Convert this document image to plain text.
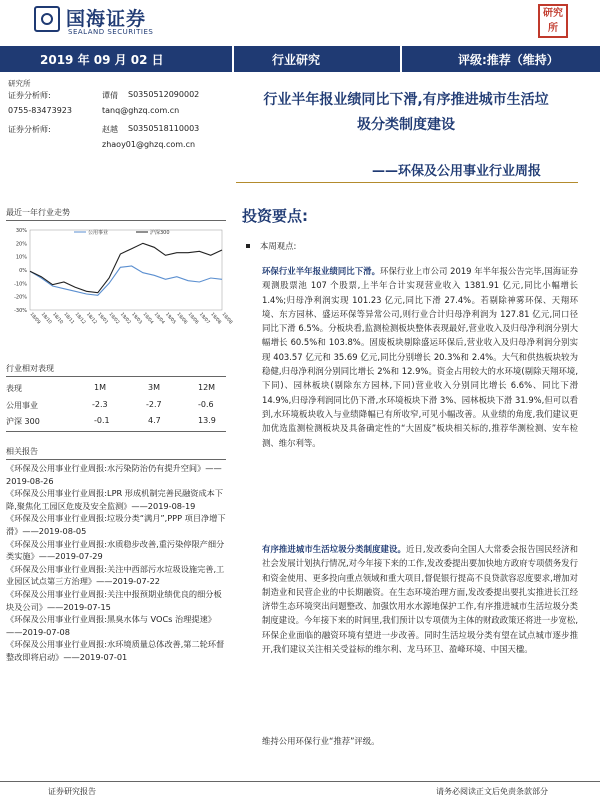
国海证券
SEALAND SECURITIES
研究
所
2019 年 09 月 02 日	行业研究	评级:推荐（维持）
研究所
证券分析师:	谭倩 S0350512090002
0755-83473923	tanq@ghzq.com.cn
证券分析师:	赵越 S0350518110003
zhaoy01@ghzq.com.cn
行业半年报业绩同比下滑,有序推进城市生活垃
圾分类制度建设
——环保及公用事业行业周报
最近一年行业走势
30%
20%
10%
0%
-10%
-20%
-30%
18/09
18/10
18/10
18/11
18/12
18/12
19/01
19/02
19/02
19/03
19/04
19/04
19/05
19/06
19/06
19/07
19/08
19/08
公用事业	沪深300
行业相对表现
表现	1M	3M	12M
公用事业	-2.3	-2.7	-0.6
沪深 300	-0.1	4.7	13.9
相关报告
《环保及公用事业行业周报:水污染防治仍有提升空间》——2019-08-26
《环保及公用事业行业周报:LPR 形成机制完善民融资成本下降,聚焦化工园区危废及安全监测》——2019-08-19
《环保及公用事业行业周报:垃圾分类“满月”,PPP 项目净增下滑》——2019-08-05
《环保及公用事业行业周报:水质稳步改善,重污染停限产细分类实施》——2019-07-29
《环保及公用事业行业周报:关注中西部污水垃圾设施完善,工业园区试点第三方治理》——2019-07-22
《环保及公用事业行业周报:关注中报预期业绩优良的细分板块及公司》——2019-07-15
《环保及公用事业行业周报:黑臭水体与 VOCs 治理提速》——2019-07-08
《环保及公用事业行业周报:水环境质量总体改善,第二轮环督整改即将启动》——2019-07-01
投资要点:
本周观点:
环保行业半年报业绩同比下滑。环保行业上市公司 2019 年半年报公告完毕,国海证券观测股票池 107 个股票,上半年合计实现营业收入 1381.91 亿元,同比小幅增长 1.4%;归母净利润实现 101.23 亿元,同比下滑 27.4%。若剔除神雾环保、天翔环境、东方园林、盛运环保等异常公司,则行业合计归母净利润为 127.81 亿元,同口径同比下滑 6.5%。分板块看,监测检测板块整体表现最好,营业收入及归母净利润分别大幅增长 60.5%和 103.8%。固废板块剔除盛运环保后,营业收入及归母净利润分别实现 403.57 亿元和 35.69 亿元,同比分别增长 20.3%和 2.4%。大气和供热板块较为稳健,归母净利润分别同比增长 2%和 12.9%。资金占用较大的水环境(剔除天翔环境,下同)、园林板块(剔除东方园林,下同)营业收入分别同比增长 6.6%、同比下滑 14.9%,归母净利润同比仍下滑,水环境板块下滑 3%、园林板块下滑 31.9%,但可以看到,水环境板块收入与业绩降幅已有所收窄,可见小幅改善。从业绩的角度,我们建议更加优选监测检测板块及具备确定性的“大固废”板块相关标的,推荐华测检测、安车检测、维尔利等。
有序推进城市生活垃圾分类制度建设。近日,发改委向全国人大常委会报告国民经济和社会发展计划执行情况,对今年接下来的工作,发改委提出要加快地方政府专项债务发行和资金使用、更多投向重点领域和重大项目,督促银行提高不良贷款容忍度要求,增加对制造业和民营企业的中长期融资。在生态环境治理方面,发改委提出要扎实推进长江经济带生态环境突出问题整改、加强饮用水水源地保护工作,有序推进城市生活垃圾分类制度建设。今年接下来的时间里,我们预计以专项债为主体的财政政策还将进一步宽松,环保企业面临的融资环境有望进一步改善。同时生活垃圾分类有望在试点城市逐步推开,我们建议关注相关受益标的维尔利、龙马环卫、盈峰环境、中国天楹。
维持公用环保行业“推荐”评级。
证券研究报告	请务必阅读正文后免责条款部分
